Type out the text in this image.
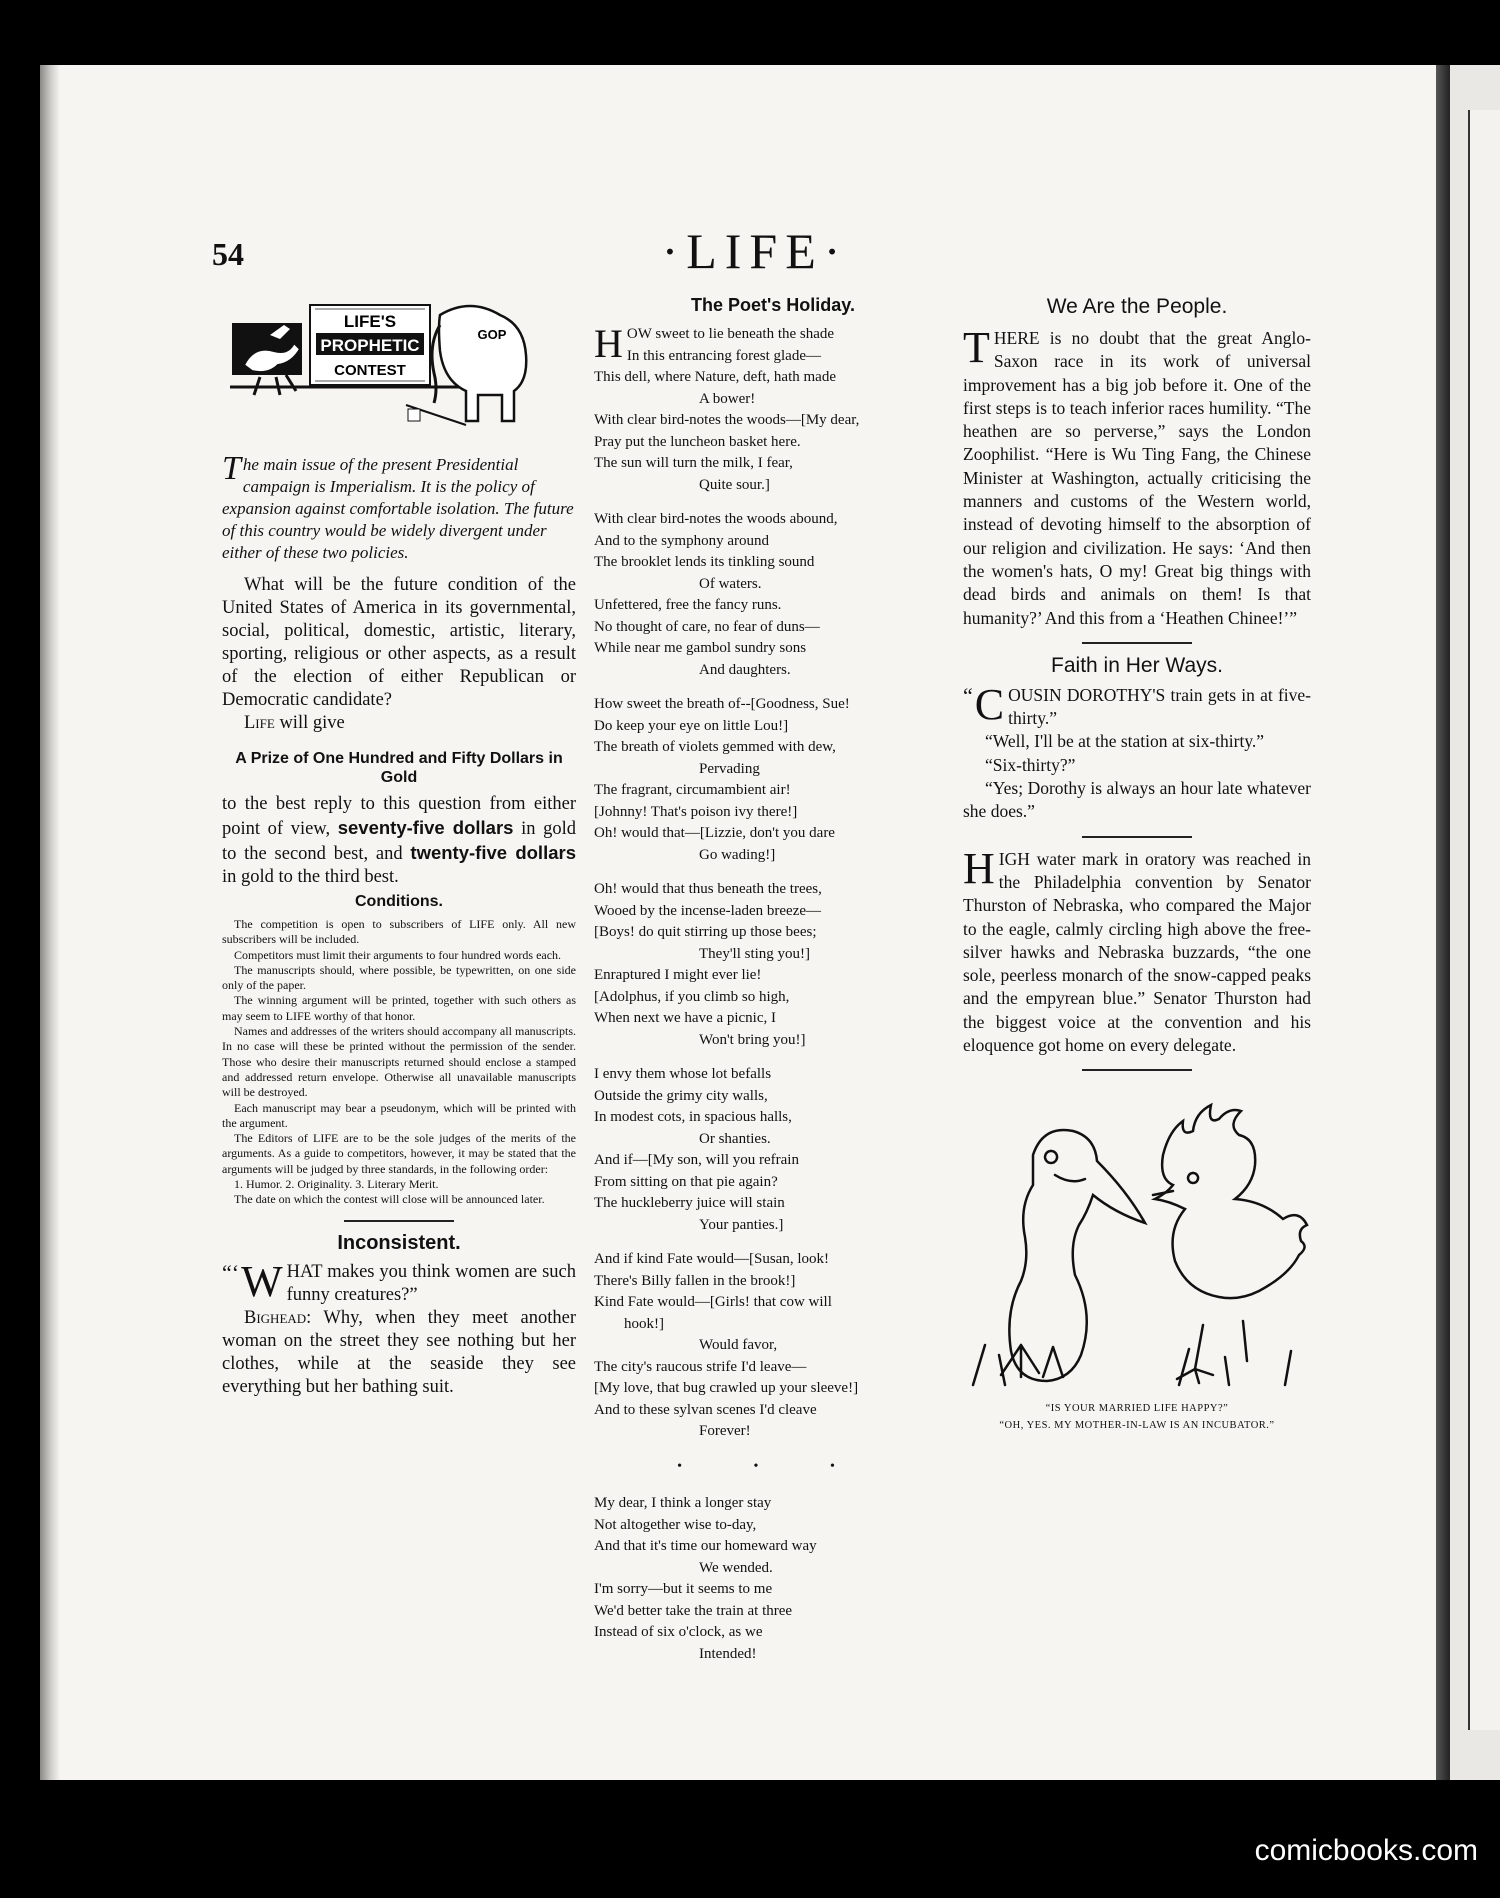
54	·LIFE·
LIFE'S
PROPHETIC
CONTEST
GOP

The main issue of the present Presidential campaign is Imperialism. It is the policy of expansion against comfortable isolation. The future of this country would be widely divergent under either of these two policies.

What will be the future condition of the United States of America in its governmental, social, political, domestic, artistic, literary, sporting, religious or other aspects, as a result of the election of either Republican or Democratic candidate?

Life will give

A Prize of One Hundred and Fifty Dollars in Gold

to the best reply to this question from either point of view, seventy-five dollars in gold to the second best, and twenty-five dollars in gold to the third best.

Conditions.

The competition is open to subscribers of LIFE only. All new subscribers will be included.

Competitors must limit their arguments to four hundred words each.

The manuscripts should, where possible, be typewritten, on one side only of the paper.

The winning argument will be printed, together with such others as may seem to LIFE worthy of that honor.

Names and addresses of the writers should accompany all manuscripts. In no case will these be printed without the permission of the sender. Those who desire their manuscripts returned should enclose a stamped and addressed return envelope. Otherwise all unavailable manuscripts will be destroyed.

Each manuscript may bear a pseudonym, which will be printed with the argument.

The Editors of LIFE are to be the sole judges of the merits of the arguments. As a guide to competitors, however, it may be stated that the arguments will be judged by three standards, in the following order:

1. Humor. 2. Originality. 3. Literary Merit.

The date on which the contest will close will be announced later.

Inconsistent.

“‘ W HAT makes you think women are such funny creatures?”

Bighead: Why, when they meet another woman on the street they see nothing but her clothes, while at the seaside they see everything but her bathing suit.

The Poet's Holiday.

HOW sweet to lie beneath the shade
In this entrancing forest glade—
This dell, where Nature, deft, hath made
A bower!
With clear bird-notes the woods—[My dear,
Pray put the luncheon basket here.
The sun will turn the milk, I fear,
Quite sour.]
With clear bird-notes the woods abound,
And to the symphony around
The brooklet lends its tinkling sound
Of waters.
Unfettered, free the fancy runs.
No thought of care, no fear of duns—
While near me gambol sundry sons
And daughters.
How sweet the breath of--[Goodness, Sue!
Do keep your eye on little Lou!]
The breath of violets gemmed with dew,
Pervading
The fragrant, circumambient air!
[Johnny! That's poison ivy there!]
Oh! would that—[Lizzie, don't you dare
Go wading!]
Oh! would that thus beneath the trees,
Wooed by the incense-laden breeze—
[Boys! do quit stirring up those bees;
They'll sting you!]
Enraptured I might ever lie!
[Adolphus, if you climb so high,
When next we have a picnic, I
Won't bring you!]
I envy them whose lot befalls
Outside the grimy city walls,
In modest cots, in spacious halls,
Or shanties.
And if—[My son, will you refrain
From sitting on that pie again?
The huckleberry juice will stain
Your panties.]
And if kind Fate would—[Susan, look!
There's Billy fallen in the brook!]
Kind Fate would—[Girls! that cow will
hook!]
Would favor,
The city's raucous strife I'd leave—
[My love, that bug crawled up your sleeve!]
And to these sylvan scenes I'd cleave
Forever!
• • •
My dear, I think a longer stay
Not altogether wise to-day,
And that it's time our homeward way
We wended.
I'm sorry—but it seems to me
We'd better take the train at three
Instead of six o'clock, as we
Intended!

We Are the People.

THERE is no doubt that the great Anglo-Saxon race in its work of universal improvement has a big job before it. One of the first steps is to teach inferior races humility. “The heathen are so perverse,” says the London Zoophilist. “Here is Wu Ting Fang, the Chinese Minister at Washington, actually criticising the manners and customs of the Western world, instead of devoting himself to the absorption of our religion and civilization. He says: ‘And then the women's hats, O my! Great big things with dead birds and animals on them! Is that humanity?’ And this from a ‘Heathen Chinee!’”

Faith in Her Ways.

“ C OUSIN DOROTHY'S train gets in at five-thirty.”

“Well, I'll be at the station at six-thirty.”

“Six-thirty?”

“Yes; Dorothy is always an hour late whatever she does.”

HIGH water mark in oratory was reached in the Philadelphia convention by Senator Thurston of Nebraska, who compared the Major to the eagle, calmly circling high above the free-silver hawks and Nebraska buzzards, “the one sole, peerless monarch of the snow-capped peaks and the empyrean blue.” Senator Thurston had the biggest voice at the convention and his eloquence got home on every delegate.

“IS YOUR MARRIED LIFE HAPPY?”
“OH, YES. MY MOTHER-IN-LAW IS AN INCUBATOR.”
comicbooks.com
